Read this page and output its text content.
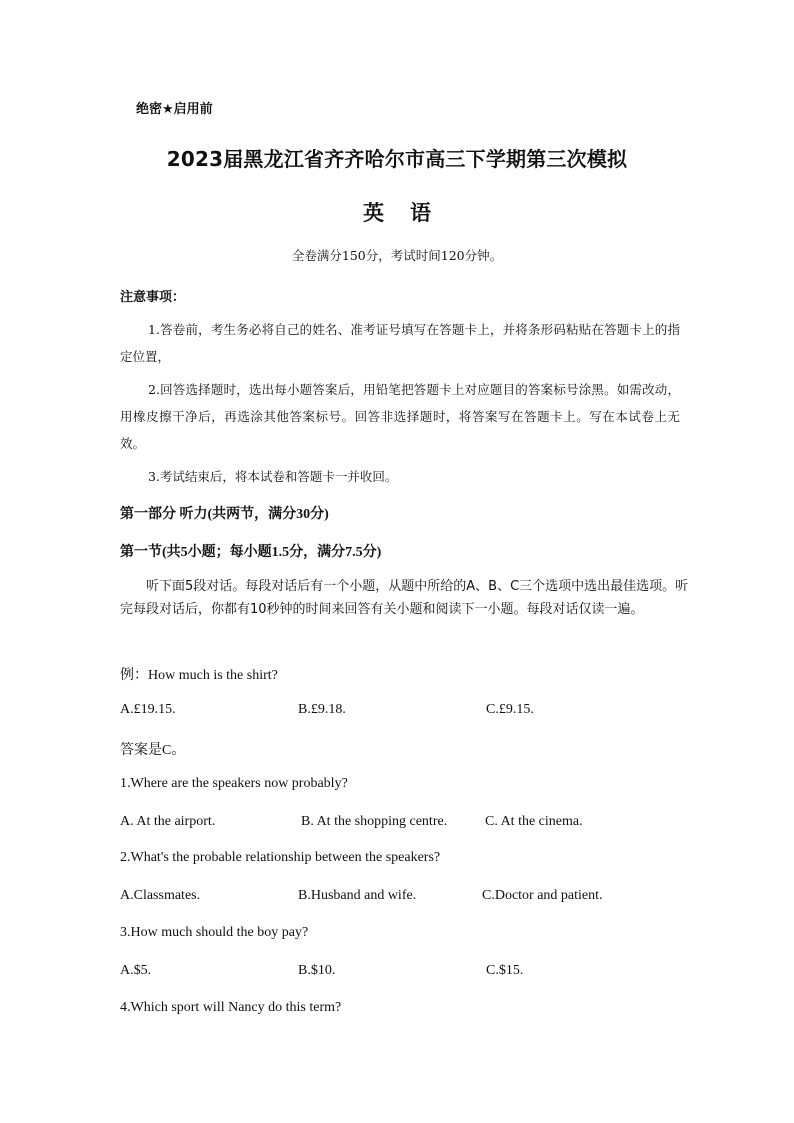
绝密★启用前
2023届黑龙江省齐齐哈尔市高三下学期第三次模拟
英语
全卷满分150分，考试时间120分钟。
注意事项：
1.答卷前，考生务必将自己的姓名、准考证号填写在答题卡上，并将条形码粘贴在答题卡上的指定位置，
2.回答选择题时，选出每小题答案后，用铅笔把答题卡上对应题目的答案标号涂黑。如需改动，用橡皮擦干净后，再选涂其他答案标号。回答非选择题时，将答案写在答题卡上。写在本试卷上无效。
3.考试结束后，将本试卷和答题卡一并收回。
第一部分 听力(共两节，满分30分)
第一节(共5小题；每小题1.5分，满分7.5分)
听下面5段对话。每段对话后有一个小题，从题中所给的A、B、C三个选项中选出最佳选项。听完每段对话后，你都有10秒钟的时间来回答有关小题和阅读下一小题。每段对话仅读一遍。
例：How much is the shirt?
A.£19.15.	B.£9.18.	C.£9.15.
答案是C。
1.Where are the speakers now probably?
A. At the airport.	B. At the shopping centre.	C. At the cinema.
2.What's the probable relationship between the speakers?
A.Classmates.	B.Husband and wife.	C.Doctor and patient.
3.How much should the boy pay?
A.$5.	B.$10.	C.$15.
4.Which sport will Nancy do this term?
